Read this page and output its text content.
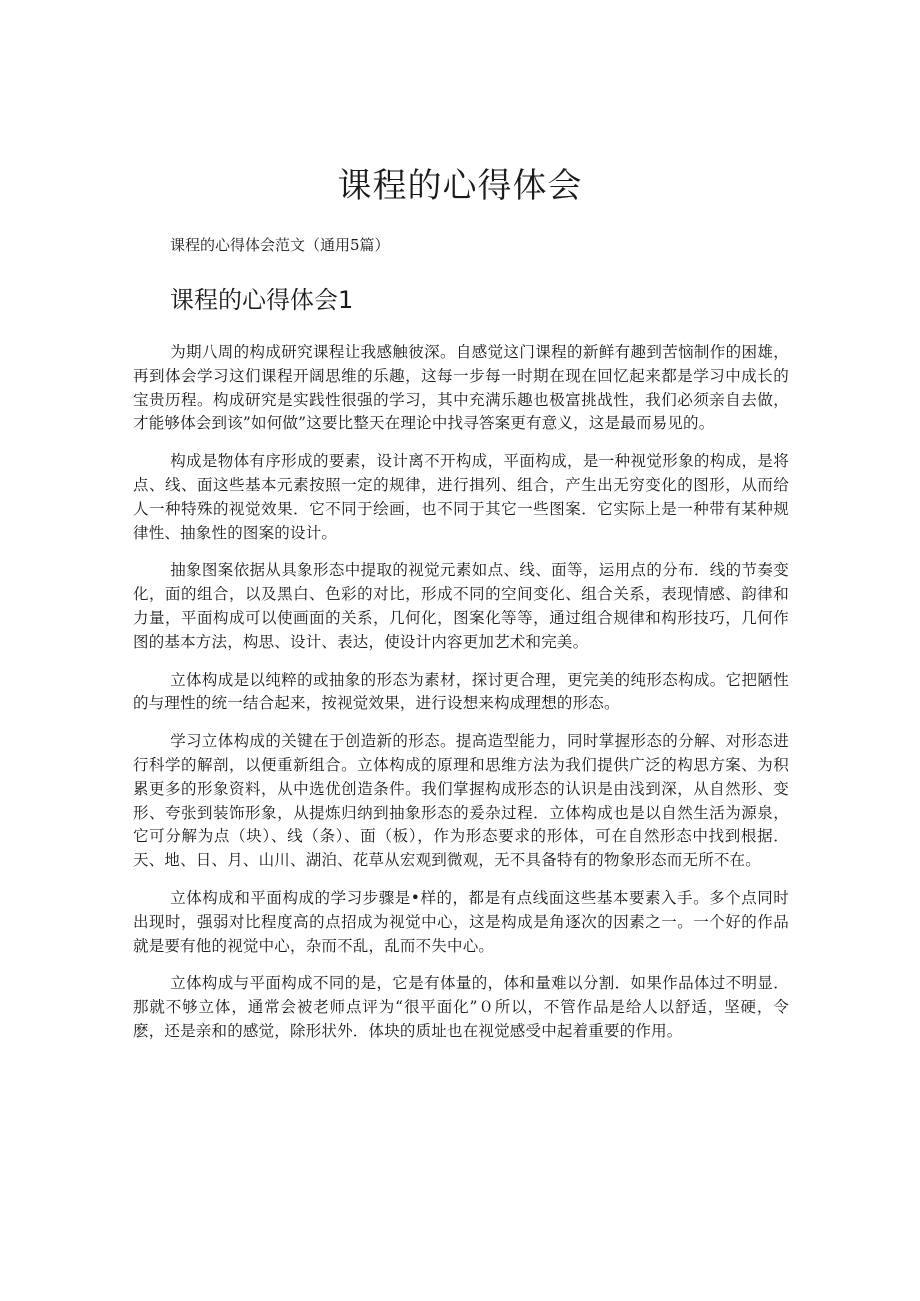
课程的心得体会

课程的心得体会范文（通用5篇）

课程的心得体会1

为期八周的构成研究课程让我感触彼深。自感觉这门课程的新鲜有趣到苦恼制作的困雄，再到体会学习这们课程开阔思维的乐趣，这每一步每一时期在现在回忆起来都是学习中成长的宝贵历程。构成研究是实践性很强的学习，其中充满乐趣也极富挑战性，我们必须亲自去做，才能够体会到该”如何做”这要比整天在理论中找寻答案更有意义，这是最而易见的。

构成是物体有序形成的要素，设计离不开构成，平面构成，是一种视觉形象的构成，是将点、线、面这些基本元素按照一定的规律，进行揖列、组合，产生出无穷变化的图形，从而给人一种特殊的视觉效果．它不同于绘画，也不同于其它一些图案．它实际上是一种带有某种规律性、抽象性的图案的设计。

抽象图案依据从具象形态中提取的视觉元素如点、线、面等，运用点的分布．线的节奏变化，面的组合，以及黑白、色彩的对比，形成不同的空间变化、组合关系，表现情感、韵律和力量，平面构成可以使画面的关系，几何化，图案化等等，通过组合规律和构形技巧，几何作图的基本方法，构思、设计、表达，使设计内容更加艺术和完美。

立体构成是以纯粹的或抽象的形态为素材，探讨更合理，更完美的纯形态构成。它把陋性的与理性的统一结合起来，按视觉效果，进行设想来构成理想的形态。

学习立体构成的关键在于创造新的形态。提高造型能力，同时掌握形态的分解、对形态进行科学的解剖，以便重新组合。立体构成的原理和思维方法为我们提供广泛的构思方案、为积累更多的形象资料，从中选优创造条件。我们掌握构成形态的认识是由浅到深，从自然形、变形、夸张到装饰形象，从提炼归纳到抽象形态的爰杂过程．立体构成也是以自然生活为源泉，它可分解为点（块）、线（条）、面（板），作为形态要求的形体，可在自然形态中找到根据．天、地、日、月、山川、湖泊、花草从宏观到微观，无不具备特有的物象形态而无所不在。

立体构成和平面构成的学习步骤是•样的，都是有点线面这些基本要素入手。多个点同时出现时，强弱对比程度高的点招成为视觉中心，这是构成是角逐次的因素之一。一个好的作品就是要有他的视觉中心，杂而不乱，乱而不失中心。

立体构成与平面构成不同的是，它是有体量的，体和量难以分割．如果作品体过不明显．那就不够立体，通常会被老师点评为“很平面化”０所以，不管作品是给人以舒适，坚硬，令麽，还是亲和的感觉，除形状外．体块的质址也在视觉感受中起着重要的作用。
